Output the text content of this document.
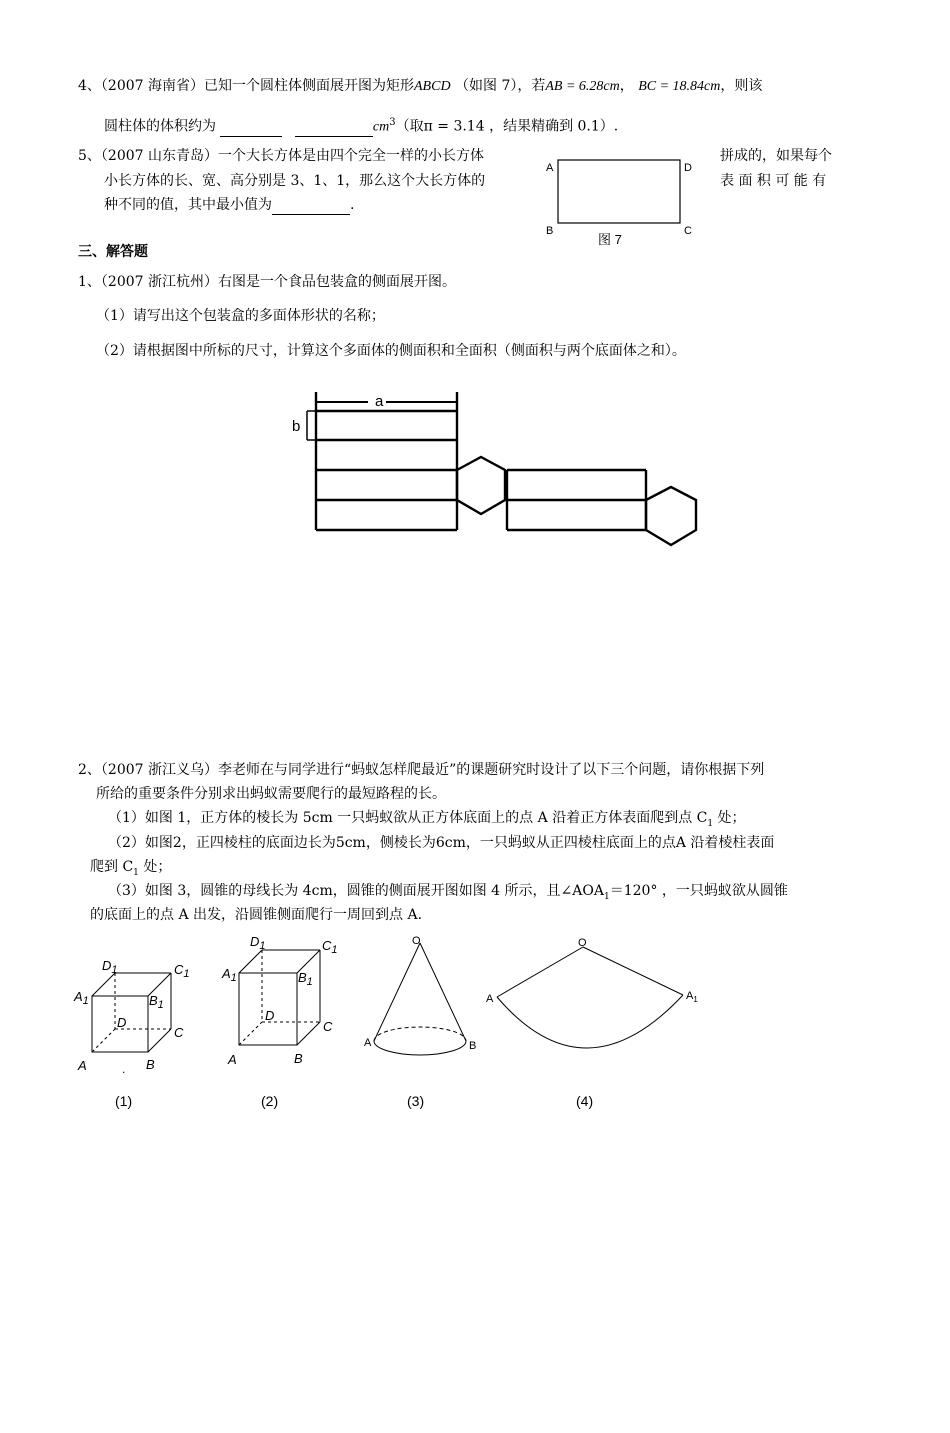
4、（2007 海南省）已知一个圆柱体侧面展开图为矩形ABCD （如图 7），若AB = 6.28cm， BC = 18.84cm，则该
圆柱体的体积约为	$cm^3$（取π = 3.14 ，结果精确到 0.1）.
5、（2007 山东青岛）一个大长方体是由四个完全一样的小长方体	拼成的，如果每个
小长方体的长、宽、高分别是 3、1、1，那么这个大长方体的	表 面 积 可 能 有
种不同的值，其中最小值为	.
三、解答题
1、（2007 浙江杭州）右图是一个食品包装盒的侧面展开图。
（1）请写出这个包装盒的多面体形状的名称；
（2）请根据图中所标的尺寸，计算这个多面体的侧面积和全面积（侧面积与两个底面体之和）。
2、（2007 浙江义乌）李老师在与同学进行“蚂蚁怎样爬最近”的课题研究时设计了以下三个问题，请你根据下列
所给的重要条件分别求出蚂蚁需要爬行的最短路程的长。
（1）如图 1，正方体的棱长为 5cm 一只蚂蚁欲从正方体底面上的点 A 沿着正方体表面爬到点 $C_1$ 处；
（2）如图2，正四棱柱的底面边长为5cm，侧棱长为6cm，一只蚂蚁从正四棱柱底面上的点A 沿着棱柱表面
爬到 $C_1$ 处；
（3）如图 3，圆锥的母线长为 4cm，圆锥的侧面展开图如图 4 所示，且$\angle AOA_1=120^\circ$ ，一只蚂蚁欲从圆锥
的底面上的点 A 出发，沿圆锥侧面爬行一周回到点 A.
A	D
B	C
图 7
a
b
$D_1$	$C_1$
$A_1$	$B_1$
D
C
A	B
.
$D_1$	$C_1$
$A_1$	$B_1$
D
C
A	B
O
A	B
O
A	$A_1$
(1)	(2)	(3)	(4)
